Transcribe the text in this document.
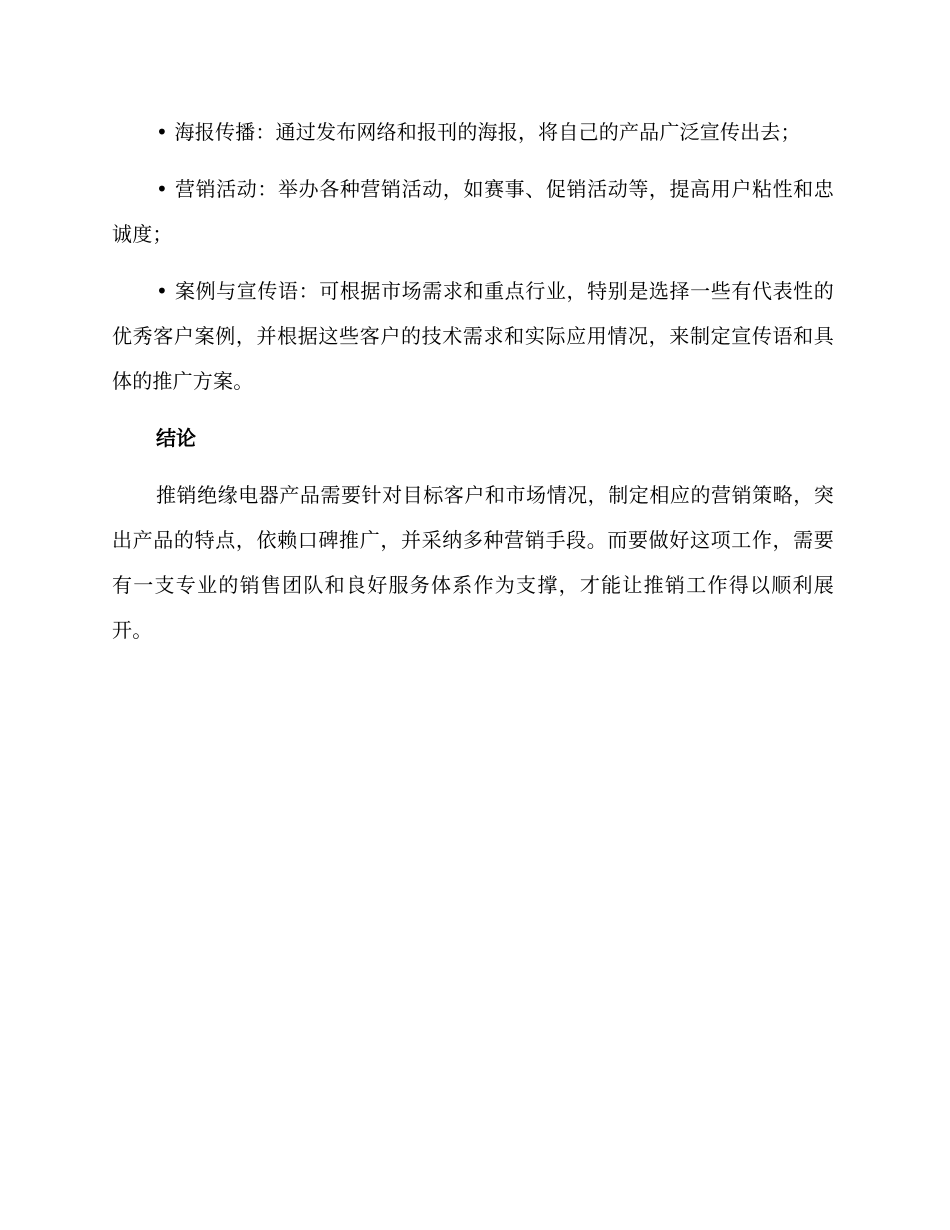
• 海报传播：通过发布网络和报刊的海报，将自己的产品广泛宣传出去；

• 营销活动：举办各种营销活动，如赛事、促销活动等，提高用户粘性和忠诚度；

• 案例与宣传语：可根据市场需求和重点行业，特别是选择一些有代表性的优秀客户案例，并根据这些客户的技术需求和实际应用情况，来制定宣传语和具体的推广方案。

结论

推销绝缘电器产品需要针对目标客户和市场情况，制定相应的营销策略，突出产品的特点，依赖口碑推广，并采纳多种营销手段。而要做好这项工作，需要有一支专业的销售团队和良好服务体系作为支撑，才能让推销工作得以顺利展开。
